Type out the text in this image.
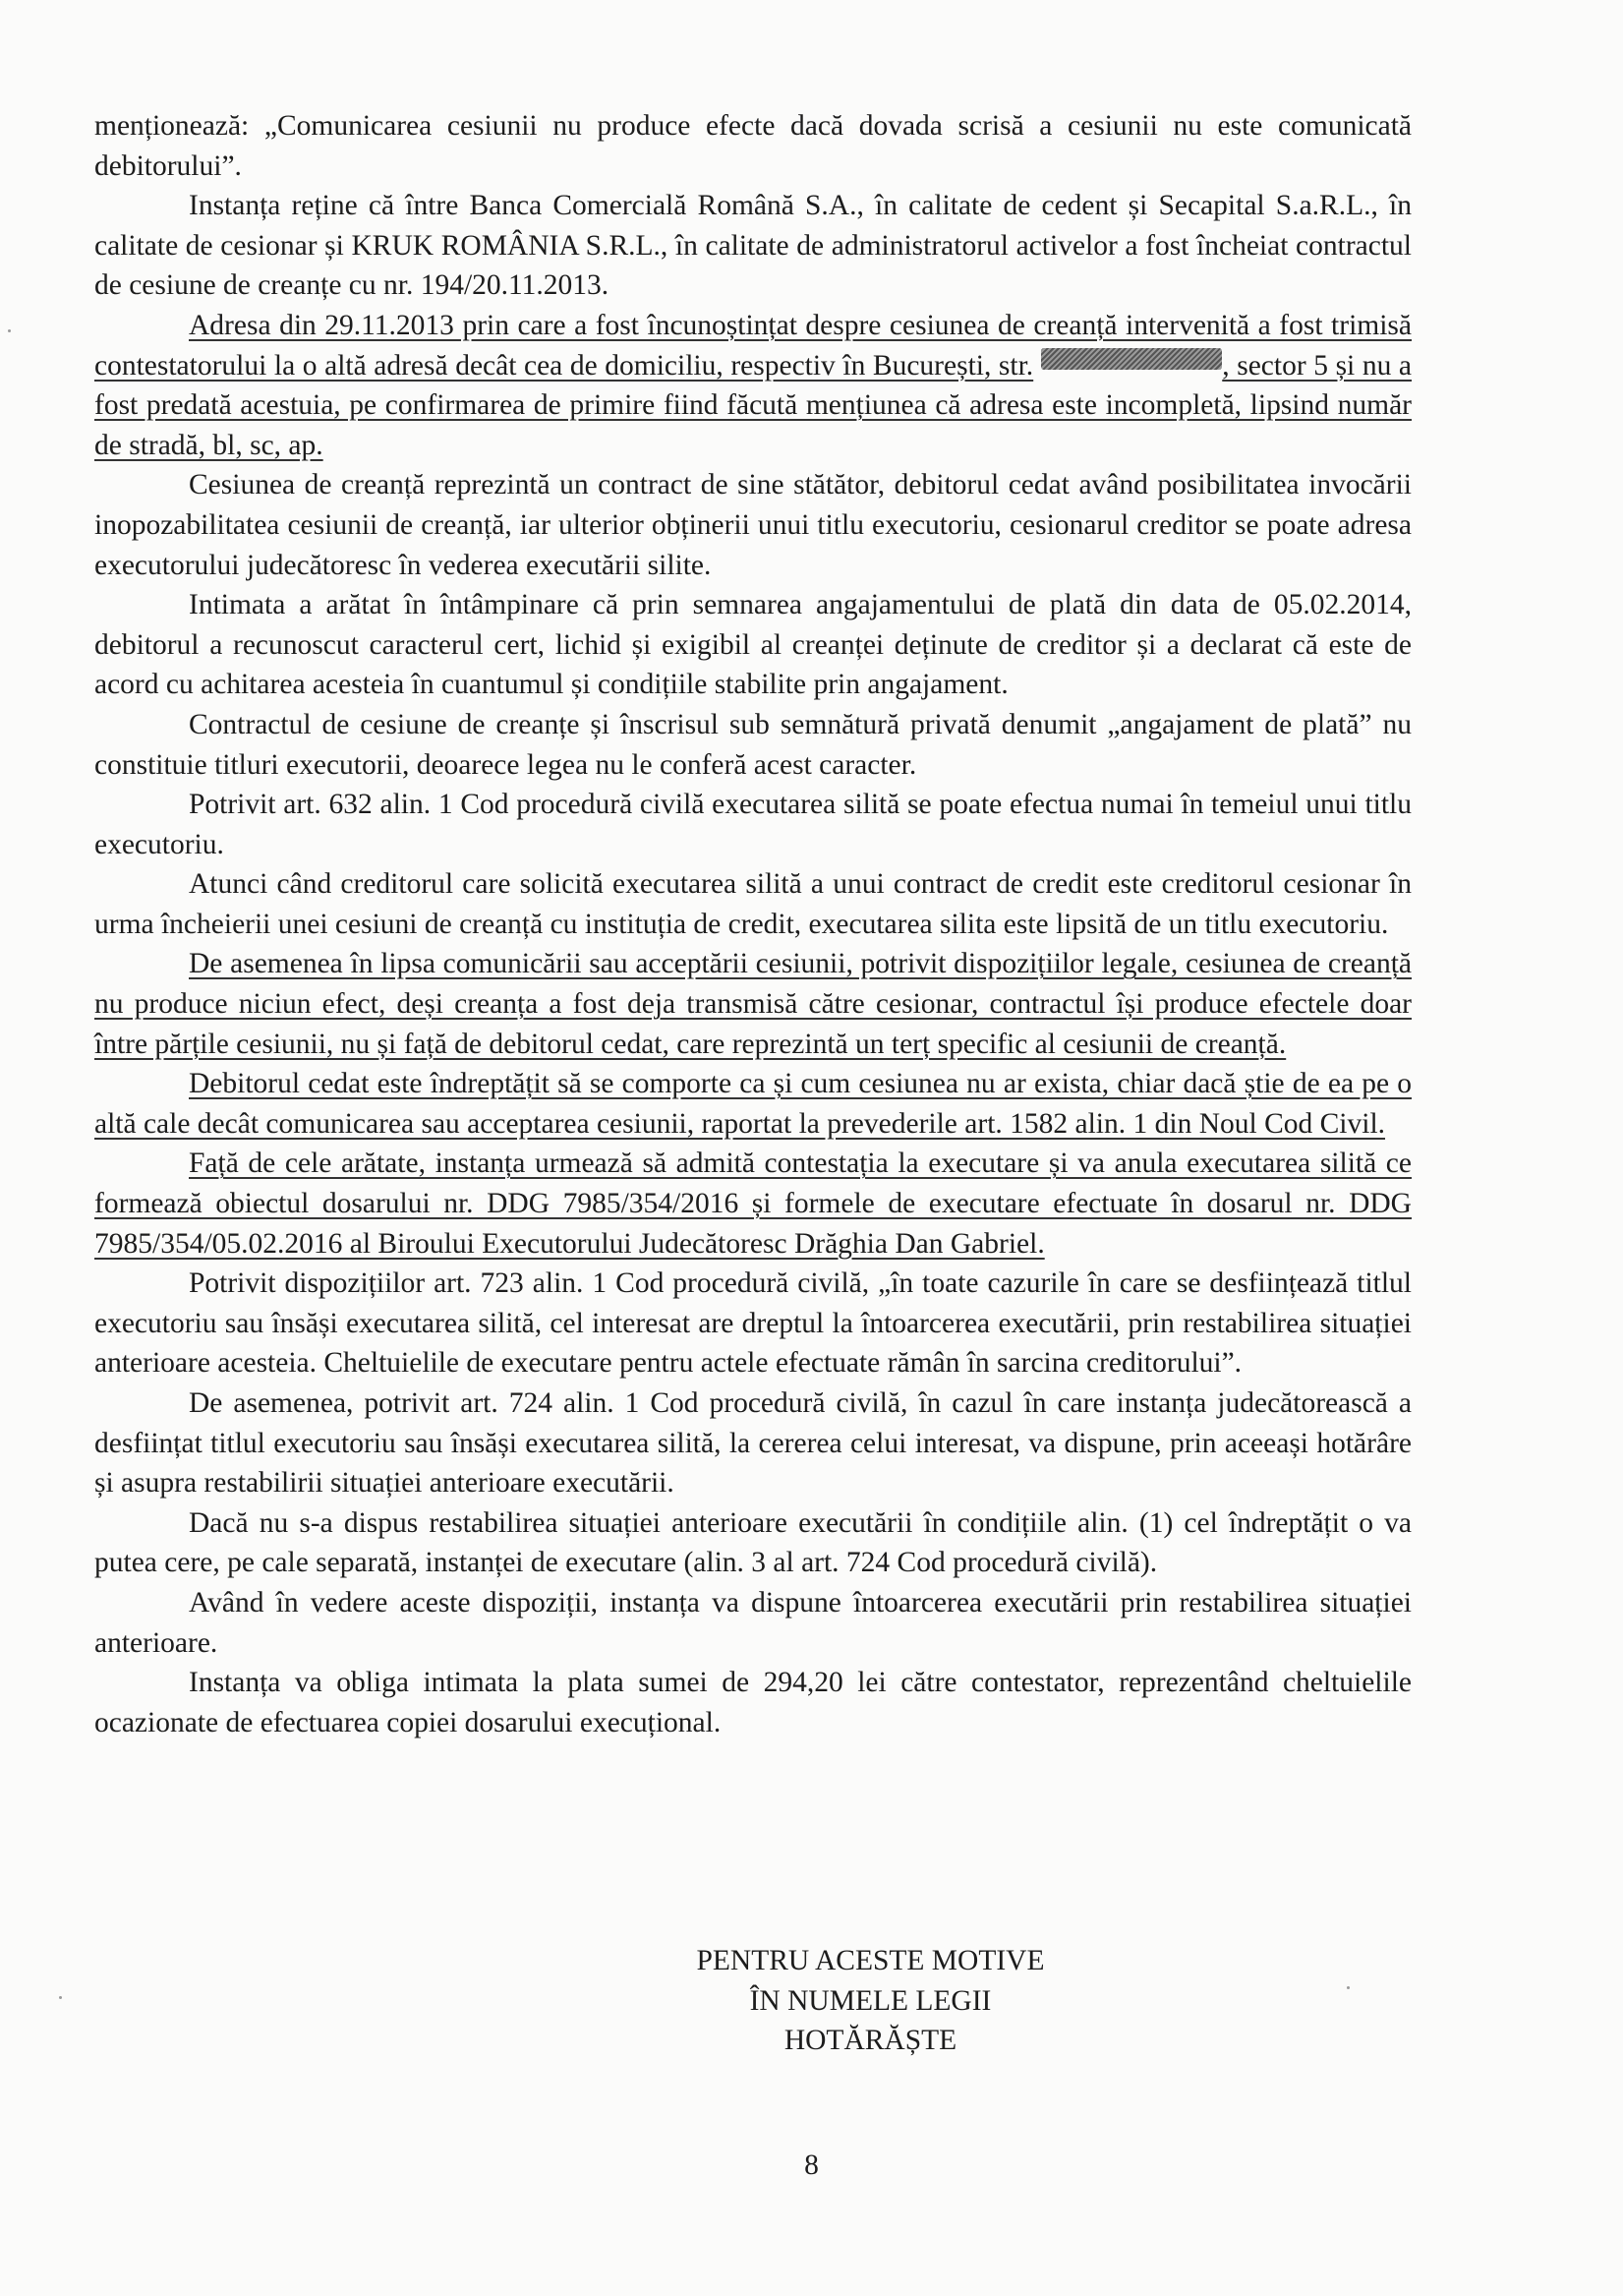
menționează: „Comunicarea cesiunii nu produce efecte dacă dovada scrisă a cesiunii nu este comunicată debitorului”.

Instanța reține că între Banca Comercială Română S.A., în calitate de cedent și Secapital S.a.R.L., în calitate de cesionar și KRUK ROMÂNIA S.R.L., în calitate de administratorul activelor a fost încheiat contractul de cesiune de creanțe cu nr. 194/20.11.2013.

Adresa din 29.11.2013 prin care a fost încunoștințat despre cesiunea de creanță intervenită a fost trimisă contestatorului la o altă adresă decât cea de domiciliu, respectiv în București, str.	, sector 5 și nu a fost predată acestuia, pe confirmarea de primire fiind făcută mențiunea că adresa este incompletă, lipsind număr de stradă, bl, sc, ap.

Cesiunea de creanță reprezintă un contract de sine stătător, debitorul cedat având posibilitatea invocării inopozabilitatea cesiunii de creanță, iar ulterior obținerii unui titlu executoriu, cesionarul creditor se poate adresa executorului judecătoresc în vederea executării silite.

Intimata a arătat în întâmpinare că prin semnarea angajamentului de plată din data de 05.02.2014, debitorul a recunoscut caracterul cert, lichid și exigibil al creanței deținute de creditor și a declarat că este de acord cu achitarea acesteia în cuantumul și condițiile stabilite prin angajament.

Contractul de cesiune de creanțe și înscrisul sub semnătură privată denumit „angajament de plată” nu constituie titluri executorii, deoarece legea nu le conferă acest caracter.

Potrivit art. 632 alin. 1 Cod procedură civilă executarea silită se poate efectua numai în temeiul unui titlu executoriu.

Atunci când creditorul care solicită executarea silită a unui contract de credit este creditorul cesionar în urma încheierii unei cesiuni de creanță cu instituția de credit, executarea silita este lipsită de un titlu executoriu.

De asemenea în lipsa comunicării sau acceptării cesiunii, potrivit dispozițiilor legale, cesiunea de creanță nu produce niciun efect, deși creanța a fost deja transmisă către cesionar, contractul își produce efectele doar între părțile cesiunii, nu și față de debitorul cedat, care reprezintă un terț specific al cesiunii de creanță.

Debitorul cedat este îndreptățit să se comporte ca și cum cesiunea nu ar exista, chiar dacă știe de ea pe o altă cale decât comunicarea sau acceptarea cesiunii, raportat la prevederile art. 1582 alin. 1 din Noul Cod Civil.

Față de cele arătate, instanța urmează să admită contestația la executare și va anula executarea silită ce formează obiectul dosarului nr. DDG 7985/354/2016 și formele de executare efectuate în dosarul nr. DDG 7985/354/05.02.2016 al Biroului Executorului Judecătoresc Drăghia Dan Gabriel.

Potrivit dispozițiilor art. 723 alin. 1 Cod procedură civilă, „în toate cazurile în care se desființează titlul executoriu sau însăși executarea silită, cel interesat are dreptul la întoarcerea executării, prin restabilirea situației anterioare acesteia. Cheltuielile de executare pentru actele efectuate rămân în sarcina creditorului”.

De asemenea, potrivit art. 724 alin. 1 Cod procedură civilă, în cazul în care instanța judecătorească a desființat titlul executoriu sau însăși executarea silită, la cererea celui interesat, va dispune, prin aceeași hotărâre și asupra restabilirii situației anterioare executării.

Dacă nu s-a dispus restabilirea situației anterioare executării în condițiile alin. (1) cel îndreptățit o va putea cere, pe cale separată, instanței de executare (alin. 3 al art. 724 Cod procedură civilă).

Având în vedere aceste dispoziții, instanța va dispune întoarcerea executării prin restabilirea situației anterioare.

Instanța va obliga intimata la plata sumei de 294,20 lei către contestator, reprezentând cheltuielile ocazionate de efectuarea copiei dosarului execuțional.

PENTRU ACESTE MOTIVE
ÎN NUMELE LEGII
HOTĂRĂȘTE
8
